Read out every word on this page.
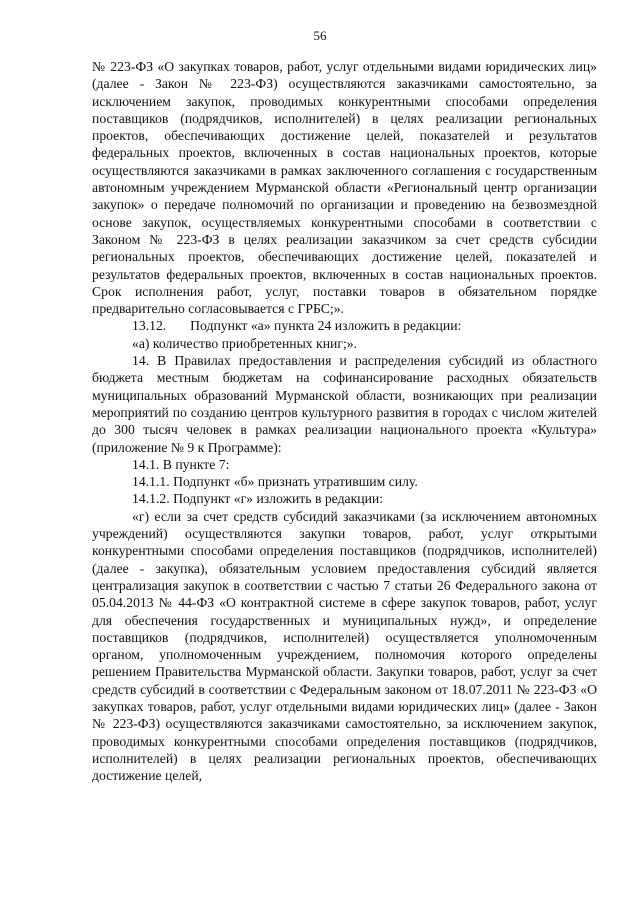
56

№ 223-ФЗ «О закупках товаров, работ, услуг отдельными видами юридических лиц» (далее - Закон № 223-ФЗ) осуществляются заказчиками самостоятельно, за исключением закупок, проводимых конкурентными способами определения поставщиков (подрядчиков, исполнителей) в целях реализации региональных проектов, обеспечивающих достижение целей, показателей и результатов федеральных проектов, включенных в состав национальных проектов, которые осуществляются заказчиками в рамках заключенного соглашения с государственным автономным учреждением Мурманской области «Региональный центр организации закупок» о передаче полномочий по организации и проведению на безвозмездной основе закупок, осуществляемых конкурентными способами в соответствии с Законом № 223-ФЗ в целях реализации заказчиком за счет средств субсидии региональных проектов, обеспечивающих достижение целей, показателей и результатов федеральных проектов, включенных в состав национальных проектов. Срок исполнения работ, услуг, поставки товаров в обязательном порядке предварительно согласовывается с ГРБС;».

13.12.       Подпункт «а» пункта 24 изложить в редакции:

«а) количество приобретенных книг;».

14. В Правилах предоставления и распределения субсидий из областного бюджета местным бюджетам на софинансирование расходных обязательств муниципальных образований Мурманской области, возникающих при реализации мероприятий по созданию центров культурного развития в городах с числом жителей до 300 тысяч человек в рамках реализации национального проекта «Культура» (приложение № 9 к Программе):

14.1. В пункте 7:

14.1.1. Подпункт «б» признать утратившим силу.

14.1.2. Подпункт «г» изложить в редакции:

«г) если за счет средств субсидий заказчиками (за исключением автономных учреждений) осуществляются закупки товаров, работ, услуг открытыми конкурентными способами определения поставщиков (подрядчиков, исполнителей) (далее - закупка), обязательным условием предоставления субсидий является централизация закупок в соответствии с частью 7 статьи 26 Федерального закона от 05.04.2013 № 44-ФЗ «О контрактной системе в сфере закупок товаров, работ, услуг для обеспечения государственных и муниципальных нужд», и определение поставщиков (подрядчиков, исполнителей) осуществляется уполномоченным органом, уполномоченным учреждением, полномочия которого определены решением Правительства Мурманской области. Закупки товаров, работ, услуг за счет средств субсидий в соответствии с Федеральным законом от 18.07.2011 № 223-ФЗ «О закупках товаров, работ, услуг отдельными видами юридических лиц» (далее - Закон № 223-ФЗ) осуществляются заказчиками самостоятельно, за исключением закупок, проводимых конкурентными способами определения поставщиков (подрядчиков, исполнителей) в целях реализации региональных проектов, обеспечивающих достижение целей,
